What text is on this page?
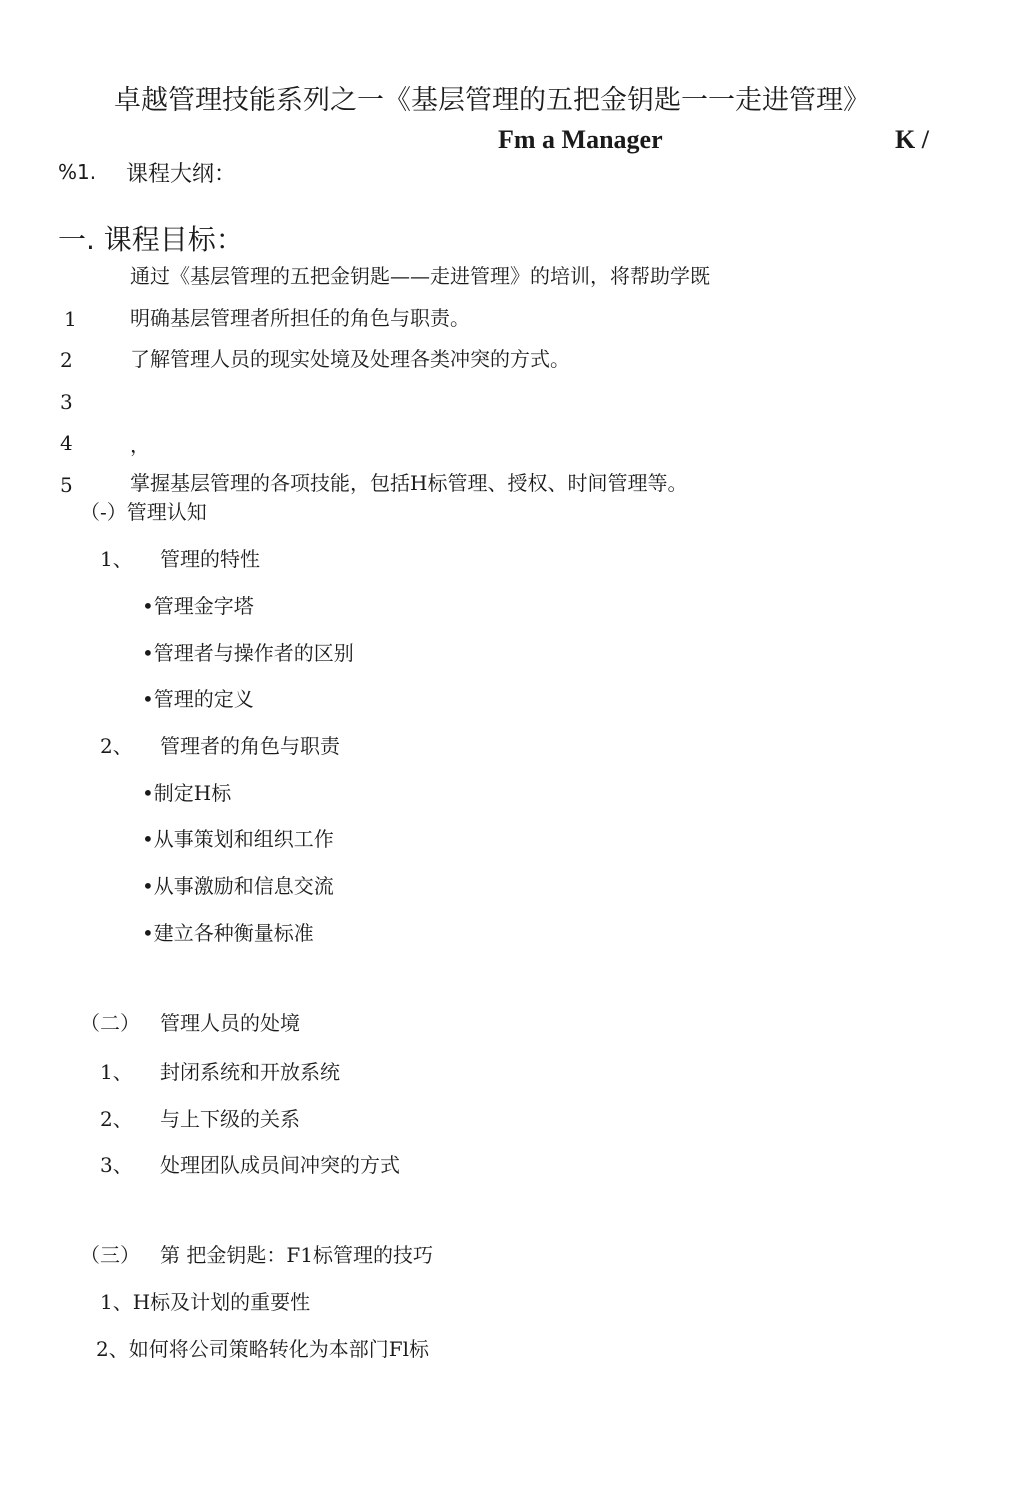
卓越管理技能系列之一《基层管理的五把金钥匙一一走进管理》
Fm a Manager	K /
%1. 课程大纲：
一. 课程目标：
通过《基层管理的五把金钥匙——走进管理》的培训，将帮助学既
1	明确基层管理者所担任的角色与职责。
2	了解管理人员的现实处境及处理各类冲突的方式。
3
4	，
5	掌握基层管理的各项技能，包括H标管理、授权、时间管理等。
（-）管理认知
1、 管理的特性
•管理金字塔
•管理者与操作者的区别
•管理的定义
2、 管理者的角色与职责
•制定H标
•从事策划和组织工作
•从事激励和信息交流
•建立各种衡量标准
（二） 管理人员的处境
1、 封闭系统和开放系统
2、 与上下级的关系
3、 处理团队成员间冲突的方式
（三） 第 把金钥匙：F1标管理的技巧
1、H标及计划的重要性
2、如何将公司策略转化为本部门Fl标
